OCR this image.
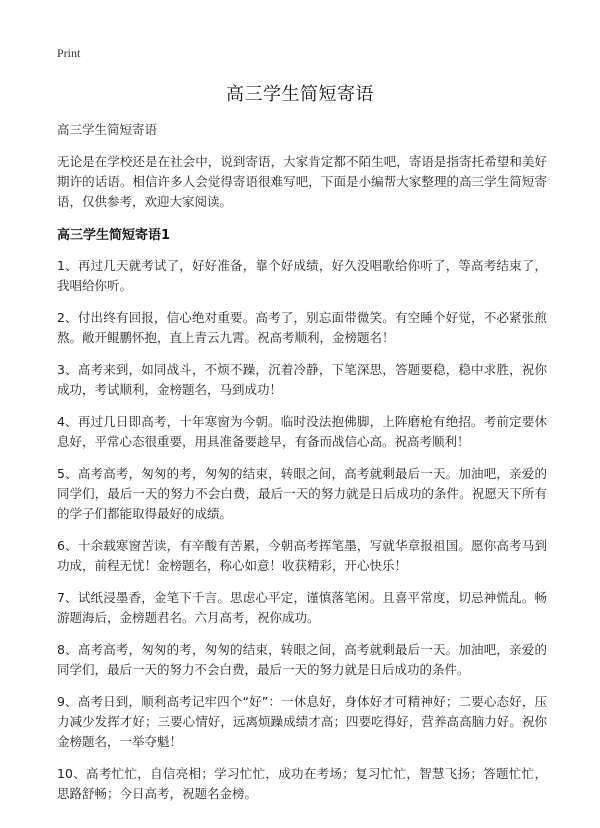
Print
高三学生简短寄语

高三学生简短寄语

无论是在学校还是在社会中，说到寄语，大家肯定都不陌生吧，寄语是指寄托希望和美好期许的话语。相信许多人会觉得寄语很难写吧，下面是小编帮大家整理的高三学生简短寄语，仅供参考，欢迎大家阅读。

高三学生简短寄语1

1、再过几天就考试了，好好准备，靠个好成绩，好久没唱歌给你听了，等高考结束了，我唱给你听。

2、付出终有回报，信心绝对重要。高考了，别忘面带微笑。有空睡个好觉，不必紧张煎熬。敞开鲲鹏怀抱，直上青云九霄。祝高考顺利，金榜题名！

3、高考来到，如同战斗，不烦不躁，沉着冷静，下笔深思，答题要稳，稳中求胜，祝你成功，考试顺利，金榜题名，马到成功！

4、再过几日即高考，十年寒窗为今朝。临时没法抱佛脚，上阵磨枪有绝招。考前定要休息好，平常心态很重要，用具准备要趁早，有备而战信心高。祝高考顺利！

5、高考高考，匆匆的考，匆匆的结束，转眼之间，高考就剩最后一天。加油吧，亲爱的同学们，最后一天的努力不会白费，最后一天的努力就是日后成功的条件。祝愿天下所有的学子们都能取得最好的成绩。

6、十余载寒窗苦读，有辛酸有苦累，今朝高考挥笔墨，写就华章报祖国。愿你高考马到功成，前程无忧！金榜题名，称心如意！收获精彩，开心快乐！

7、试纸浸墨香，金笔下千言。思虑心平定，谨慎落笔闲。且喜平常度，切忌神慌乱。畅游题海后，金榜题君名。六月高考，祝你成功。

8、高考高考，匆匆的考，匆匆的结束，转眼之间，高考就剩最后一天。加油吧，亲爱的同学们，最后一天的努力不会白费，最后一天的努力就是日后成功的条件。

9、高考日到，顺利高考记牢四个“好”：一休息好，身体好才可精神好；二要心态好，压力减少发挥才好；三要心情好，远离烦躁成绩才高；四要吃得好，营养高高脑力好。祝你金榜题名，一举夺魁！

10、高考忙忙，自信亮相；学习忙忙，成功在考场；复习忙忙，智慧飞扬；答题忙忙，思路舒畅；今日高考，祝题名金榜。
